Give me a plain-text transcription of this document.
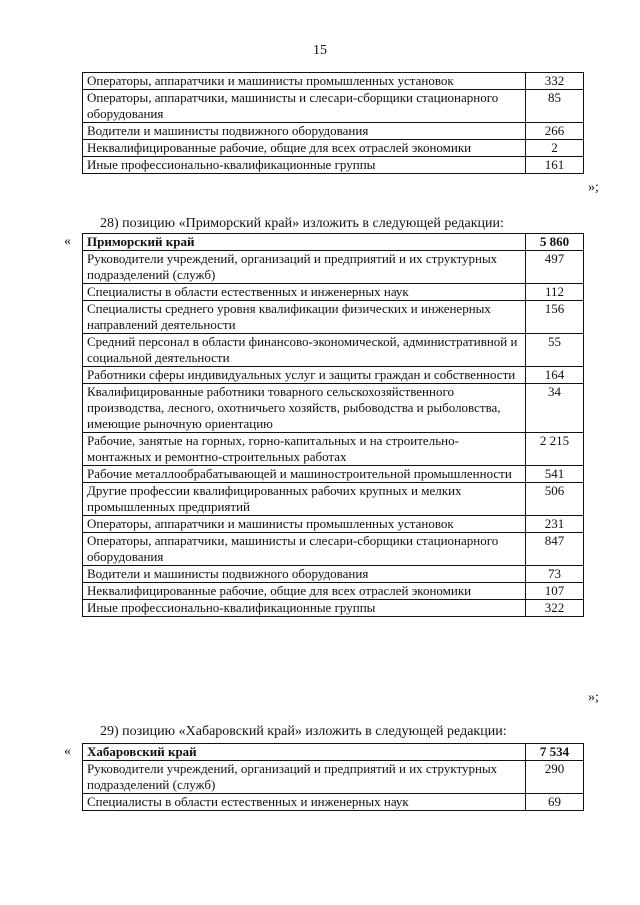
15
Операторы, аппаратчики и машинисты промышленных установок	332
Операторы, аппаратчики, машинисты и слесари-сборщики стационарного оборудования	85
Водители и машинисты подвижного оборудования	266
Неквалифицированные рабочие, общие для всех отраслей экономики	2
Иные профессионально-квалификационные группы	161
»;
28) позицию «Приморский край» изложить в следующей редакции:
« Приморский край	5 860
Руководители учреждений, организаций и предприятий и их структурных подразделений (служб)	497
Специалисты в области естественных и инженерных наук	112
Специалисты среднего уровня квалификации физических и инженерных направлений деятельности	156
Средний персонал в области финансово-экономической, административной и социальной деятельности	55
Работники сферы индивидуальных услуг и защиты граждан и собственности	164
Квалифицированные работники товарного сельскохозяйственного производства, лесного, охотничьего хозяйств, рыбоводства и рыболовства, имеющие рыночную ориентацию	34
Рабочие, занятые на горных, горно-капитальных и на строительно-монтажных и ремонтно-строительных работах	2 215
Рабочие металлообрабатывающей и машиностроительной промышленности	541
Другие профессии квалифицированных рабочих крупных и мелких промышленных предприятий	506
Операторы, аппаратчики и машинисты промышленных установок	231
Операторы, аппаратчики, машинисты и слесари-сборщики стационарного оборудования	847
Водители и машинисты подвижного оборудования	73
Неквалифицированные рабочие, общие для всех отраслей экономики	107
Иные профессионально-квалификационные группы	322
»;
29) позицию «Хабаровский край» изложить в следующей редакции:
« Хабаровский край	7 534
Руководители учреждений, организаций и предприятий и их структурных подразделений (служб)	290
Специалисты в области естественных и инженерных наук	69
